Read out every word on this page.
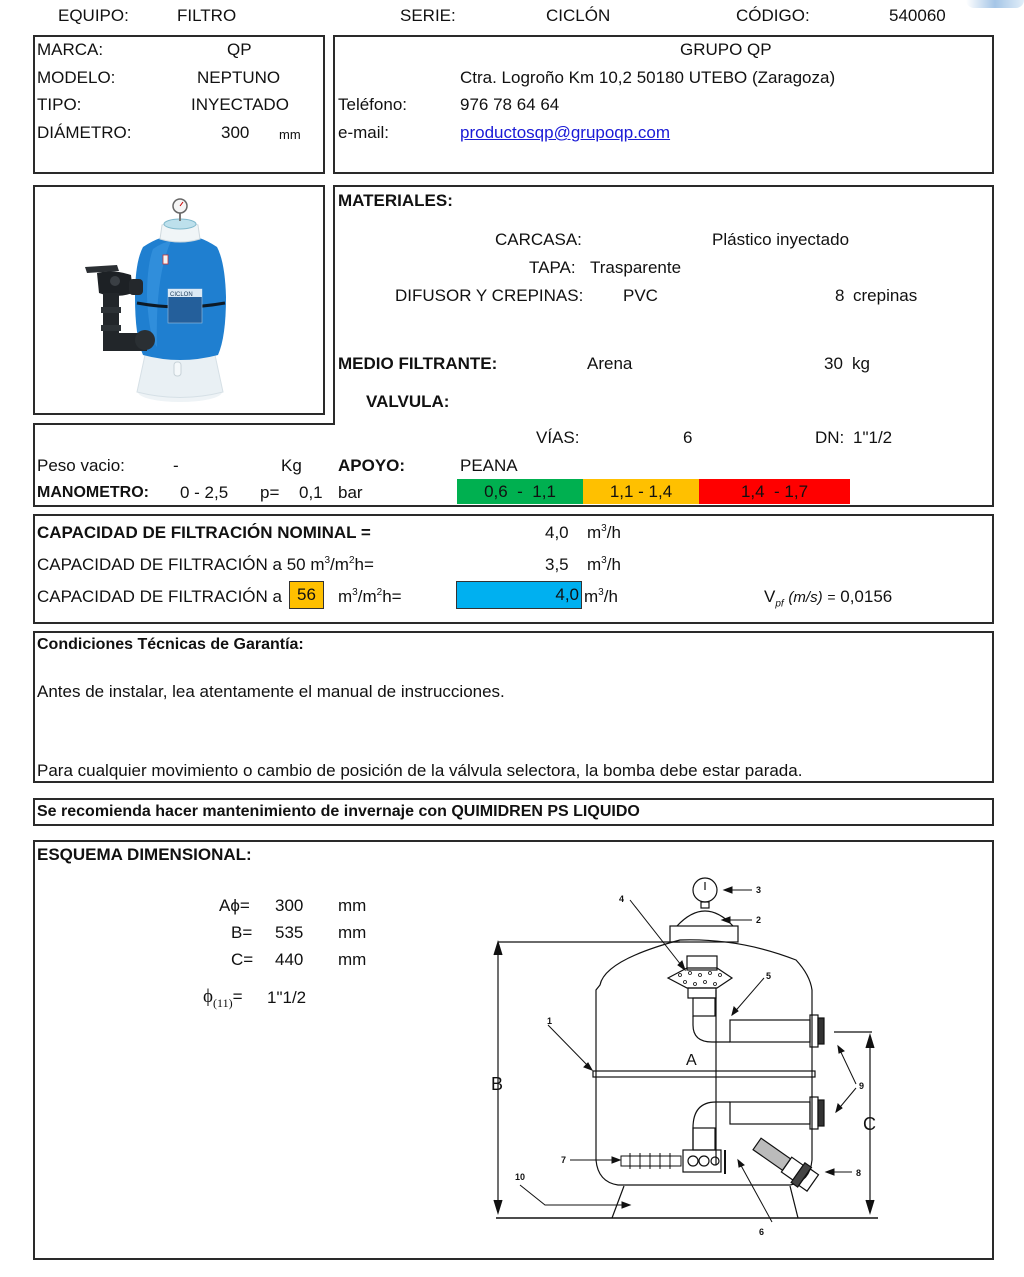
EQUIPO:	FILTRO	SERIE:	CICLÓN	CÓDIGO:	540060
MARCA:	QP
MODELO:	NEPTUNO
TIPO:	INYECTADO
DIÁMETRO:	300 mm
GRUPO QP
Ctra. Logroño Km 10,2 50180 UTEBO (Zaragoza)
Teléfono:	976 78 64 64
e-mail:	productosqp@grupoqp.com
CICLON
MATERIALES:
CARCASA:	Plástico inyectado
TAPA: Trasparente
DIFUSOR Y CREPINAS: PVC	8 crepinas
MEDIO FILTRANTE:	Arena	30 kg
VALVULA:
VÍAS:	6	DN: 1"1/2
Peso vacio:	-	Kg APOYO:	PEANA
MANOMETRO: 0 - 2,5 p= 0,1 bar	0,6  -  1,1	1,1 - 1,4	1,4  - 1,7
CAPACIDAD DE FILTRACIÓN NOMINAL =	4,0 $m^3/h$
CAPACIDAD DE FILTRACIÓN a 50 $m^3/m^2h=$	3,5 $m^3/h$
CAPACIDAD DE FILTRACIÓN a 56 $m^3/m^2h=$	4,0 $m^3/h$	$V_{pf}$ (m/s) = 0,0156
Condiciones Técnicas de Garantía:
Antes de instalar, lea atentamente el manual de instrucciones.
Para cualquier movimiento o cambio de posición de la válvula selectora, la bomba debe estar parada.
Se recomienda hacer mantenimiento de invernaje con QUIMIDREN PS LIQUIDO
ESQUEMA DIMENSIONAL:
Aϕ=	300 mm
B= 535 mm
C= 440 mm
$\phi_{(11)}=$ 1"1/2
B
C
A
3
2
4
5
1
9
7
8
10
6
